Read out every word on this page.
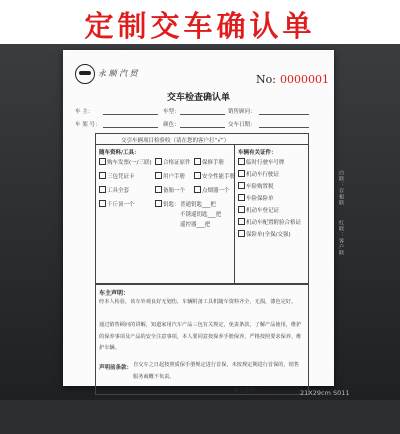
定制交车确认单
永 顺 汽 贸	No: 0000001
交车检查确认单
车 主：	车型：	销售顾问：
车 架 号：	颜色：	交车日期：
交引车辆项目检验收（请在您的客户打“√”）
随车资料/工具：
购车发票(一/三联) 合格证原件 保修手册
三包凭证卡	用户手册	安全性能手册
工具全套	备胎一个	点烟器一个
千斤顶一个	钥匙： 普通钥匙___把
不锈遥钥匙___把
遥控器___把
车辆有关证件：
临时行驶车号牌
机动车行驶证
车险购置税
车险保险单
机动车登记证
机动车配置附验合格证
保险单(全保/交强)
车主声明：
经本人检验，该车外观良好无划伤，车辆附备工具机随车资料齐全，无损，漆色完好。
通过销售顾问的讲解，知道家用汽车产品三包有关规定，免责条款，了解产品使用，维护的保养事项及产品的安全注意事项，本人要同意按保养手册保养，严格按照要求保养、维护车辆。
声明前条款： 自交车之日起按照质保手册规定进行首保，未按规定期进行首保的，销售服务商概不负责。
车主签名：
服务经办：	经办人：	车主签名：
年 月 日
白联：存根联
红联：客户联
21X29cm S011
